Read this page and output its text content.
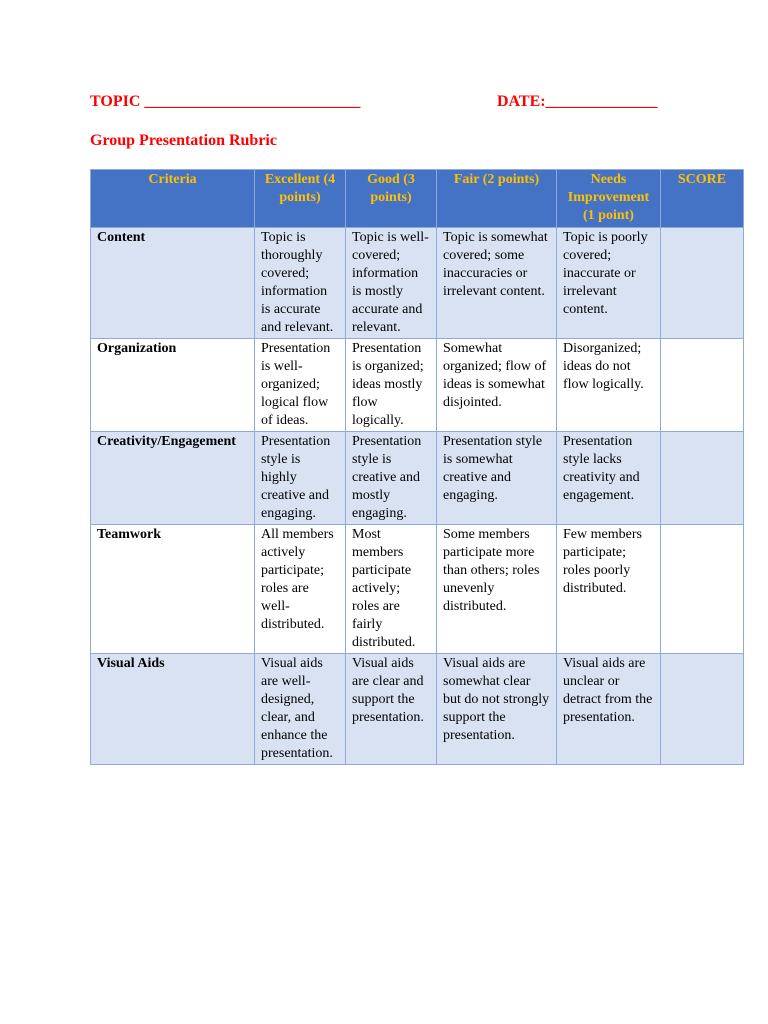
TOPIC ___________________________	DATE:______________
Group Presentation Rubric
Criteria	Excellent (4 points)	Good (3 points)	Fair (2 points)	Needs Improvement (1 point)	SCORE
Content	Topic is thoroughly covered; information is accurate and relevant.	Topic is well-covered; information is mostly accurate and relevant.	Topic is somewhat covered; some inaccuracies or irrelevant content.	Topic is poorly covered; inaccurate or irrelevant content.	
Organization	Presentation is well-organized; logical flow of ideas.	Presentation is organized; ideas mostly flow logically.	Somewhat organized; flow of ideas is somewhat disjointed.	Disorganized; ideas do not flow logically.	
Creativity/Engagement	Presentation style is highly creative and engaging.	Presentation style is creative and mostly engaging.	Presentation style is somewhat creative and engaging.	Presentation style lacks creativity and engagement.	
Teamwork	All members actively participate; roles are well-distributed.	Most members participate actively; roles are fairly distributed.	Some members participate more than others; roles unevenly distributed.	Few members participate; roles poorly distributed.	
Visual Aids	Visual aids are well-designed, clear, and enhance the presentation.	Visual aids are clear and support the presentation.	Visual aids are somewhat clear but do not strongly support the presentation.	Visual aids are unclear or detract from the presentation.	
